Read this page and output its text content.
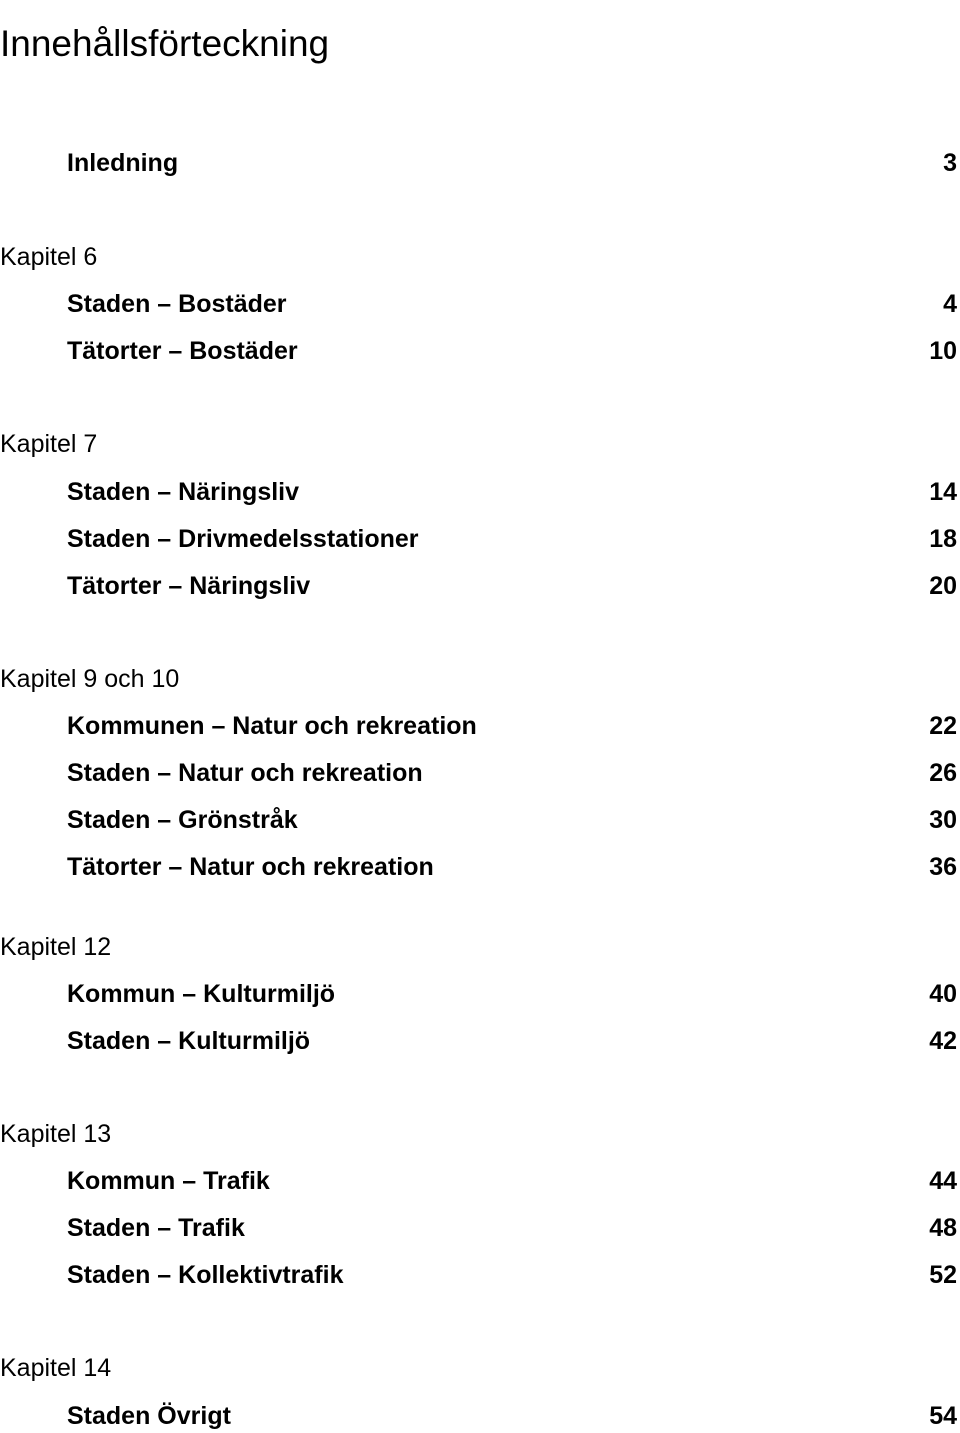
Innehållsförteckning
Inledning	3
Kapitel 6
Staden – Bostäder	4
Tätorter – Bostäder	10
Kapitel 7
Staden – Näringsliv	14
Staden – Drivmedelsstationer	18
Tätorter – Näringsliv	20
Kapitel 9 och 10
Kommunen – Natur och rekreation	22
Staden – Natur och rekreation	26
Staden – Grönstråk	30
Tätorter – Natur och rekreation	36
Kapitel 12
Kommun – Kulturmiljö	40
Staden – Kulturmiljö	42
Kapitel 13
Kommun – Trafik	44
Staden – Trafik	48
Staden – Kollektivtrafik	52
Kapitel 14
Staden Övrigt	54
